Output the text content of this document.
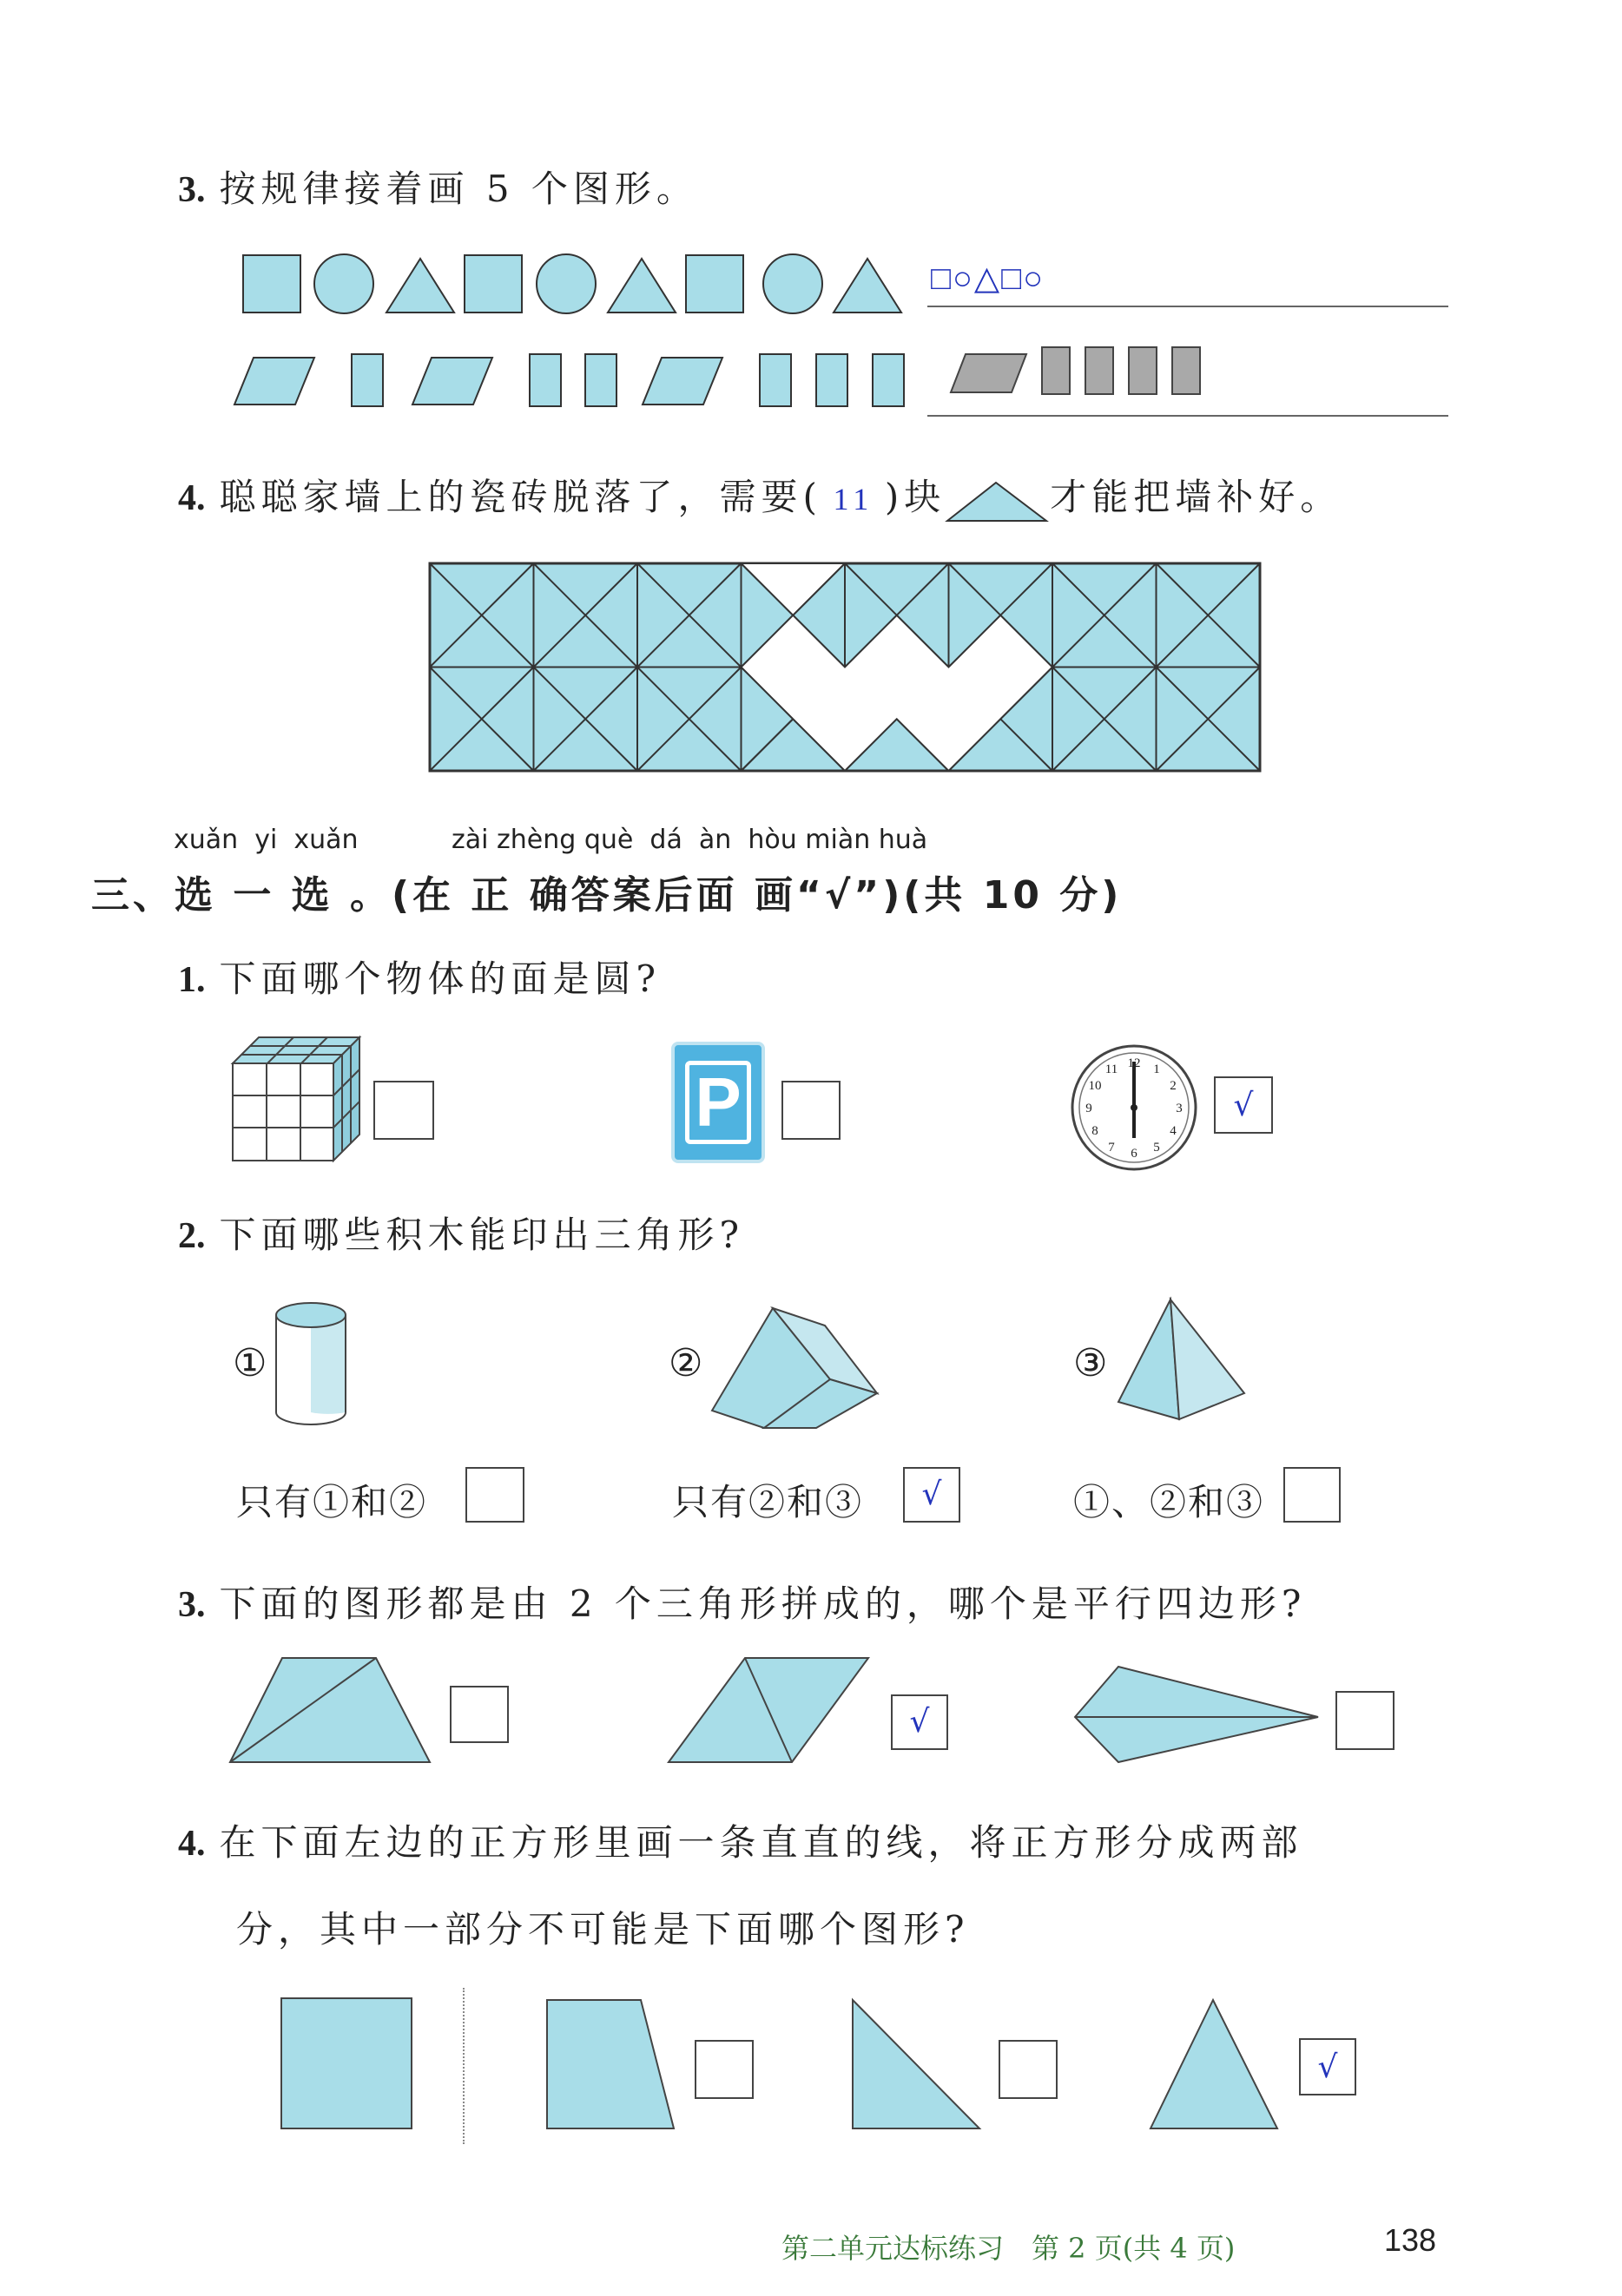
3. 按规律接着画 5 个图形。
□○△□○
4. 聪聪家墙上的瓷砖脱落了，需要( 11 )块	才能把墙补好。
xuǎn  yi  xuǎn	zài zhèng què  dá  àn  hòu miàn huà
三、选 一 选 。(在 正 确答案后面 画“√”)(共 10 分)
1. 下面哪个物体的面是圆?
P	12 1
2
3
4
5
6
7
8
9
10
11
√
2. 下面哪些积木能印出三角形?
①	②	③
只有①和②	只有②和③	√	①、②和③
3. 下面的图形都是由 2 个三角形拼成的，哪个是平行四边形?
√
4. 在下面左边的正方形里画一条直直的线，将正方形分成两部
分，其中一部分不可能是下面哪个图形?
√
第二单元达标练习　第 2 页(共 4 页)	138
